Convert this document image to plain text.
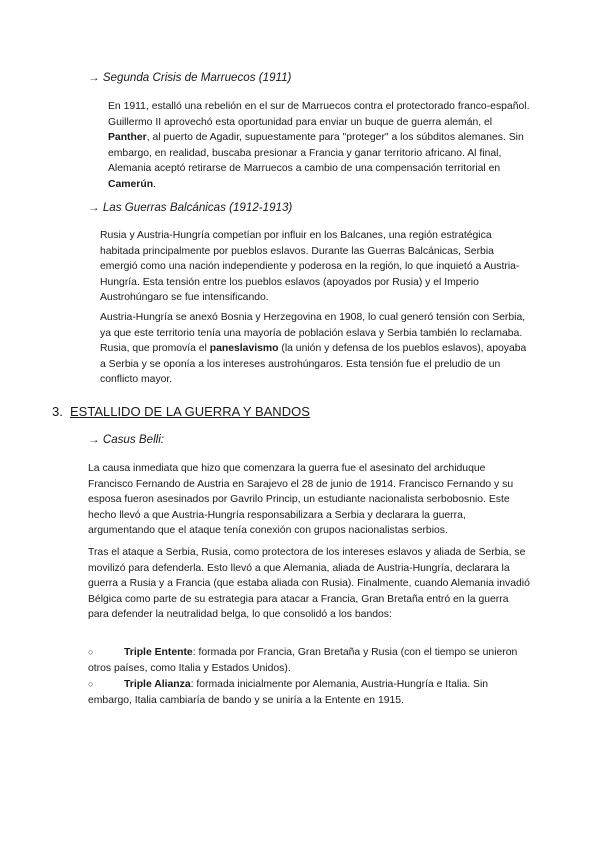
→ Segunda Crisis de Marruecos (1911)

En 1911, estalló una rebelión en el sur de Marruecos contra el protectorado franco-español. Guillermo II aprovechó esta oportunidad para enviar un buque de guerra alemán, el Panther, al puerto de Agadir, supuestamente para "proteger" a los súbditos alemanes. Sin embargo, en realidad, buscaba presionar a Francia y ganar territorio africano. Al final, Alemania aceptó retirarse de Marruecos a cambio de una compensación territorial en Camerún.

→ Las Guerras Balcánicas (1912-1913)

Rusia y Austria-Hungría competían por influir en los Balcanes, una región estratégica habitada principalmente por pueblos eslavos. Durante las Guerras Balcánicas, Serbia emergió como una nación independiente y poderosa en la región, lo que inquietó a Austria-Hungría. Esta tensión entre los pueblos eslavos (apoyados por Rusia) y el Imperio Austrohúngaro se fue intensificando.

Austria-Hungría se anexó Bosnia y Herzegovina en 1908, lo cual generó tensión con Serbia, ya que este territorio tenía una mayoría de población eslava y Serbia también lo reclamaba. Rusia, que promovía el paneslavismo (la unión y defensa de los pueblos eslavos), apoyaba a Serbia y se oponía a los intereses austrohúngaros. Esta tensión fue el preludio de un conflicto mayor.

3. ESTALLIDO DE LA GUERRA Y BANDOS
→ Casus Belli:

La causa inmediata que hizo que comenzara la guerra fue el asesinato del archiduque Francisco Fernando de Austria en Sarajevo el 28 de junio de 1914. Francisco Fernando y su esposa fueron asesinados por Gavrilo Princip, un estudiante nacionalista serbobosnio. Este hecho llevó a que Austria-Hungría responsabilizara a Serbia y declarara la guerra, argumentando que el ataque tenía conexión con grupos nacionalistas serbios.

Tras el ataque a Serbia, Rusia, como protectora de los intereses eslavos y aliada de Serbia, se movilizó para defenderla. Esto llevó a que Alemania, aliada de Austria-Hungría, declarara la guerra a Rusia y a Francia (que estaba aliada con Rusia). Finalmente, cuando Alemania invadió Bélgica como parte de su estrategia para atacar a Francia, Gran Bretaña entró en la guerra para defender la neutralidad belga, lo que consolidó a los bandos:

○	Triple Entente: formada por Francia, Gran Bretaña y Rusia (con el tiempo se unieron otros países, como Italia y Estados Unidos).
○	Triple Alianza: formada inicialmente por Alemania, Austria-Hungría e Italia. Sin embargo, Italia cambiaría de bando y se uniría a la Entente en 1915.
